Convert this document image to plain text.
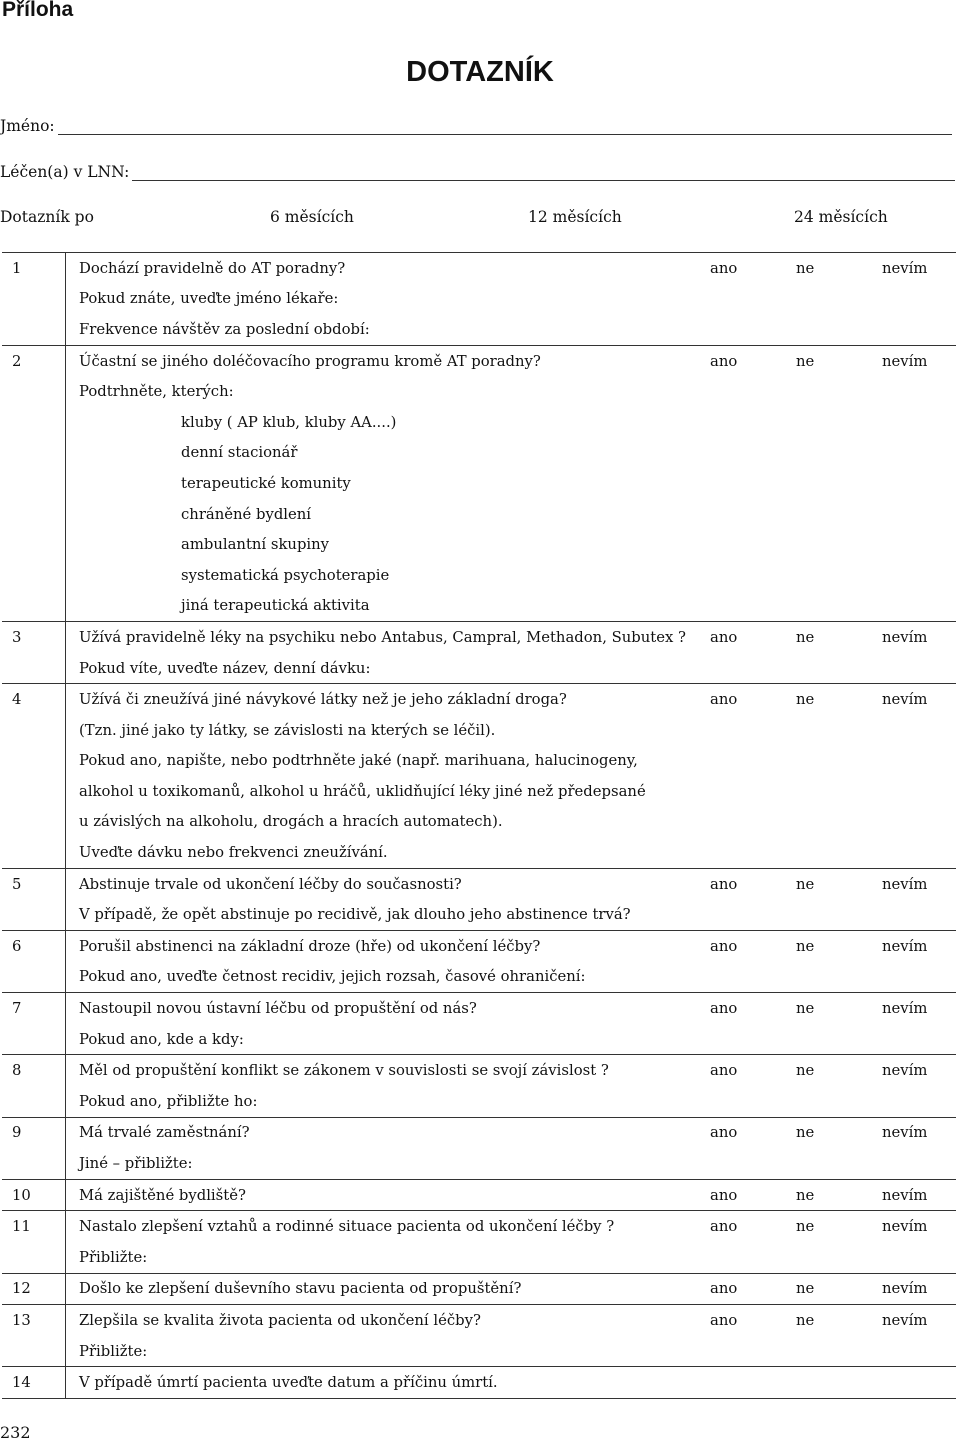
Příloha
DOTAZNÍK
Jméno:
Léčen(a) v LNN:
Dotazník po	6 měsících	12 měsících	24 měsících
1	Dochází pravidelně do AT poradny?	ano	ne	nevím
	Pokud znáte, uveďte jméno lékaře:			
	Frekvence návštěv za poslední období:			
2	Účastní se jiného doléčovacího programu kromě AT poradny?	ano	ne	nevím
	Podtrhněte, kterých:			
	kluby ( AP klub, kluby AA....)			
	denní stacionář			
	terapeutické komunity			
	chráněné bydlení			
	ambulantní skupiny			
	systematická psychoterapie			
	jiná terapeutická aktivita			
3	Užívá pravidelně léky na psychiku nebo Antabus, Campral, Methadon, Subutex ?	ano	ne	nevím
	Pokud víte, uveďte název, denní dávku:			
4	Užívá či zneužívá jiné návykové látky než je jeho základní droga?	ano	ne	nevím
	(Tzn. jiné jako ty látky, se závislosti na kterých se léčil).			
	Pokud ano, napište, nebo podtrhněte jaké (např. marihuana, halucinogeny,			
	alkohol u toxikomanů, alkohol u hráčů, uklidňující léky jiné než předepsané			
	u závislých na alkoholu, drogách a hracích automatech).			
	Uveďte dávku nebo frekvenci zneužívání.			
5	Abstinuje trvale od ukončení léčby do současnosti?	ano	ne	nevím
	V případě, že opět abstinuje po recidivě, jak dlouho jeho abstinence trvá?			
6	Porušil abstinenci na základní droze (hře) od ukončení léčby?	ano	ne	nevím
	Pokud ano, uveďte četnost recidiv, jejich rozsah, časové ohraničení:			
7	Nastoupil novou ústavní léčbu od propuštění od nás?	ano	ne	nevím
	Pokud ano, kde a kdy:			
8	Měl od propuštění konflikt se zákonem v souvislosti se svojí závislost ?	ano	ne	nevím
	Pokud ano, přibližte ho:			
9	Má trvalé zaměstnání?	ano	ne	nevím
	Jiné – přibližte:			
10	Má zajištěné bydliště?	ano	ne	nevím
11	Nastalo zlepšení vztahů a rodinné situace pacienta od ukončení léčby ?	ano	ne	nevím
	Přibližte:			
12	Došlo ke zlepšení duševního stavu pacienta od propuštění?	ano	ne	nevím
13	Zlepšila se kvalita života pacienta od ukončení léčby?	ano	ne	nevím
	Přibližte:			
14	V případě úmrtí pacienta uveďte datum a příčinu úmrtí.			
232
